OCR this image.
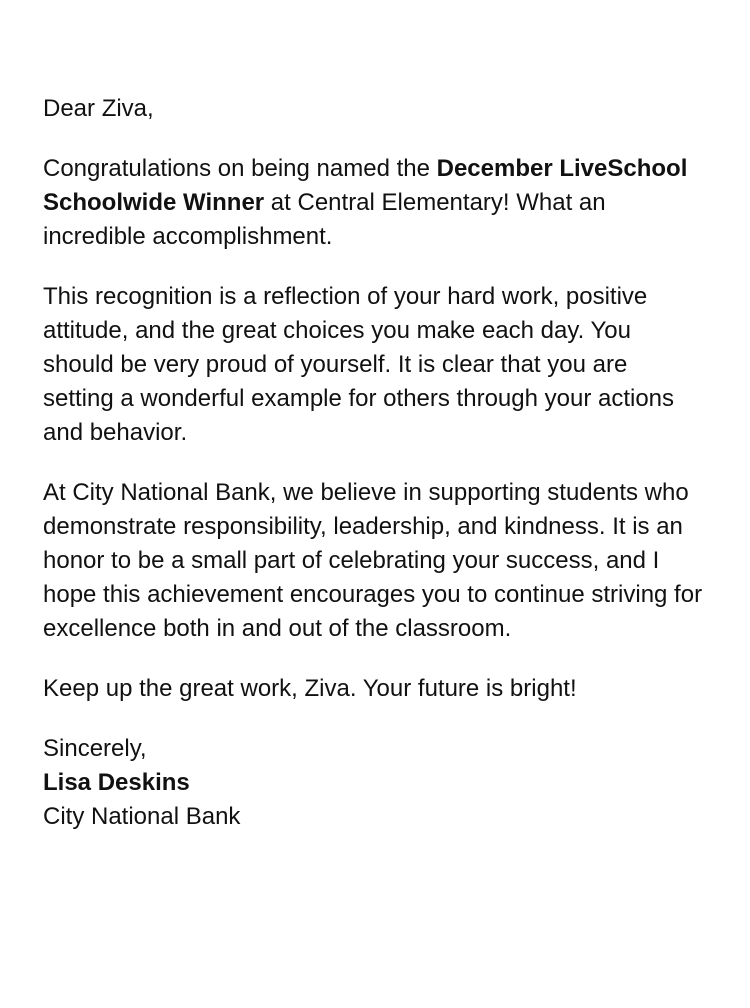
Dear Ziva,

Congratulations on being named the December LiveSchool Schoolwide Winner at Central Elementary! What an incredible accomplishment.

This recognition is a reflection of your hard work, positive attitude, and the great choices you make each day. You should be very proud of yourself. It is clear that you are setting a wonderful example for others through your actions and behavior.

At City National Bank, we believe in supporting students who demonstrate responsibility, leadership, and kindness. It is an honor to be a small part of celebrating your success, and I hope this achievement encourages you to continue striving for excellence both in and out of the classroom.

Keep up the great work, Ziva. Your future is bright!

Sincerely,
Lisa Deskins
City National Bank
